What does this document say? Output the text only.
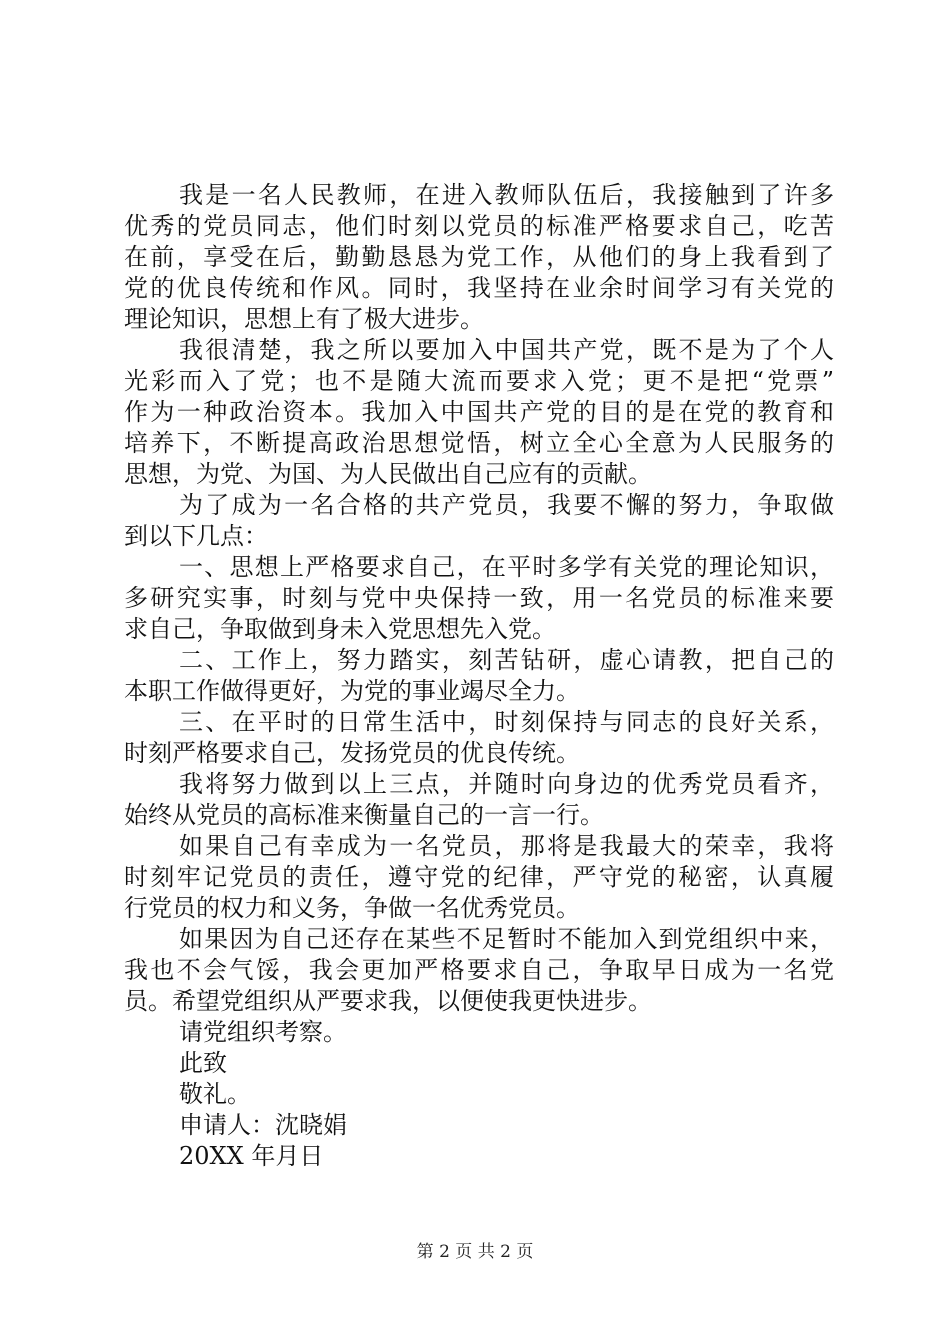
我是一名人民教师，在进入教师队伍后，我接触到了许多
优秀的党员同志，他们时刻以党员的标准严格要求自己，吃苦
在前，享受在后，勤勤恳恳为党工作，从他们的身上我看到了
党的优良传统和作风。同时，我坚持在业余时间学习有关党的
理论知识，思想上有了极大进步。
我很清楚，我之所以要加入中国共产党，既不是为了个人
光彩而入了党；也不是随大流而要求入党；更不是把“党票”
作为一种政治资本。我加入中国共产党的目的是在党的教育和
培养下，不断提高政治思想觉悟，树立全心全意为人民服务的
思想，为党、为国、为人民做出自己应有的贡献。
为了成为一名合格的共产党员，我要不懈的努力，争取做
到以下几点：
一、思想上严格要求自己，在平时多学有关党的理论知识，
多研究实事，时刻与党中央保持一致，用一名党员的标准来要
求自己，争取做到身未入党思想先入党。
二、工作上，努力踏实，刻苦钻研，虚心请教，把自己的
本职工作做得更好，为党的事业竭尽全力。
三、在平时的日常生活中，时刻保持与同志的良好关系，
时刻严格要求自己，发扬党员的优良传统。
我将努力做到以上三点，并随时向身边的优秀党员看齐，
始终从党员的高标准来衡量自己的一言一行。
如果自己有幸成为一名党员，那将是我最大的荣幸，我将
时刻牢记党员的责任，遵守党的纪律，严守党的秘密，认真履
行党员的权力和义务，争做一名优秀党员。
如果因为自己还存在某些不足暂时不能加入到党组织中来，
我也不会气馁，我会更加严格要求自己，争取早日成为一名党
员。希望党组织从严要求我，以便使我更快进步。
请党组织考察。
此致
敬礼。
申请人：沈晓娟
20XX 年月日
第 2 页 共 2 页
